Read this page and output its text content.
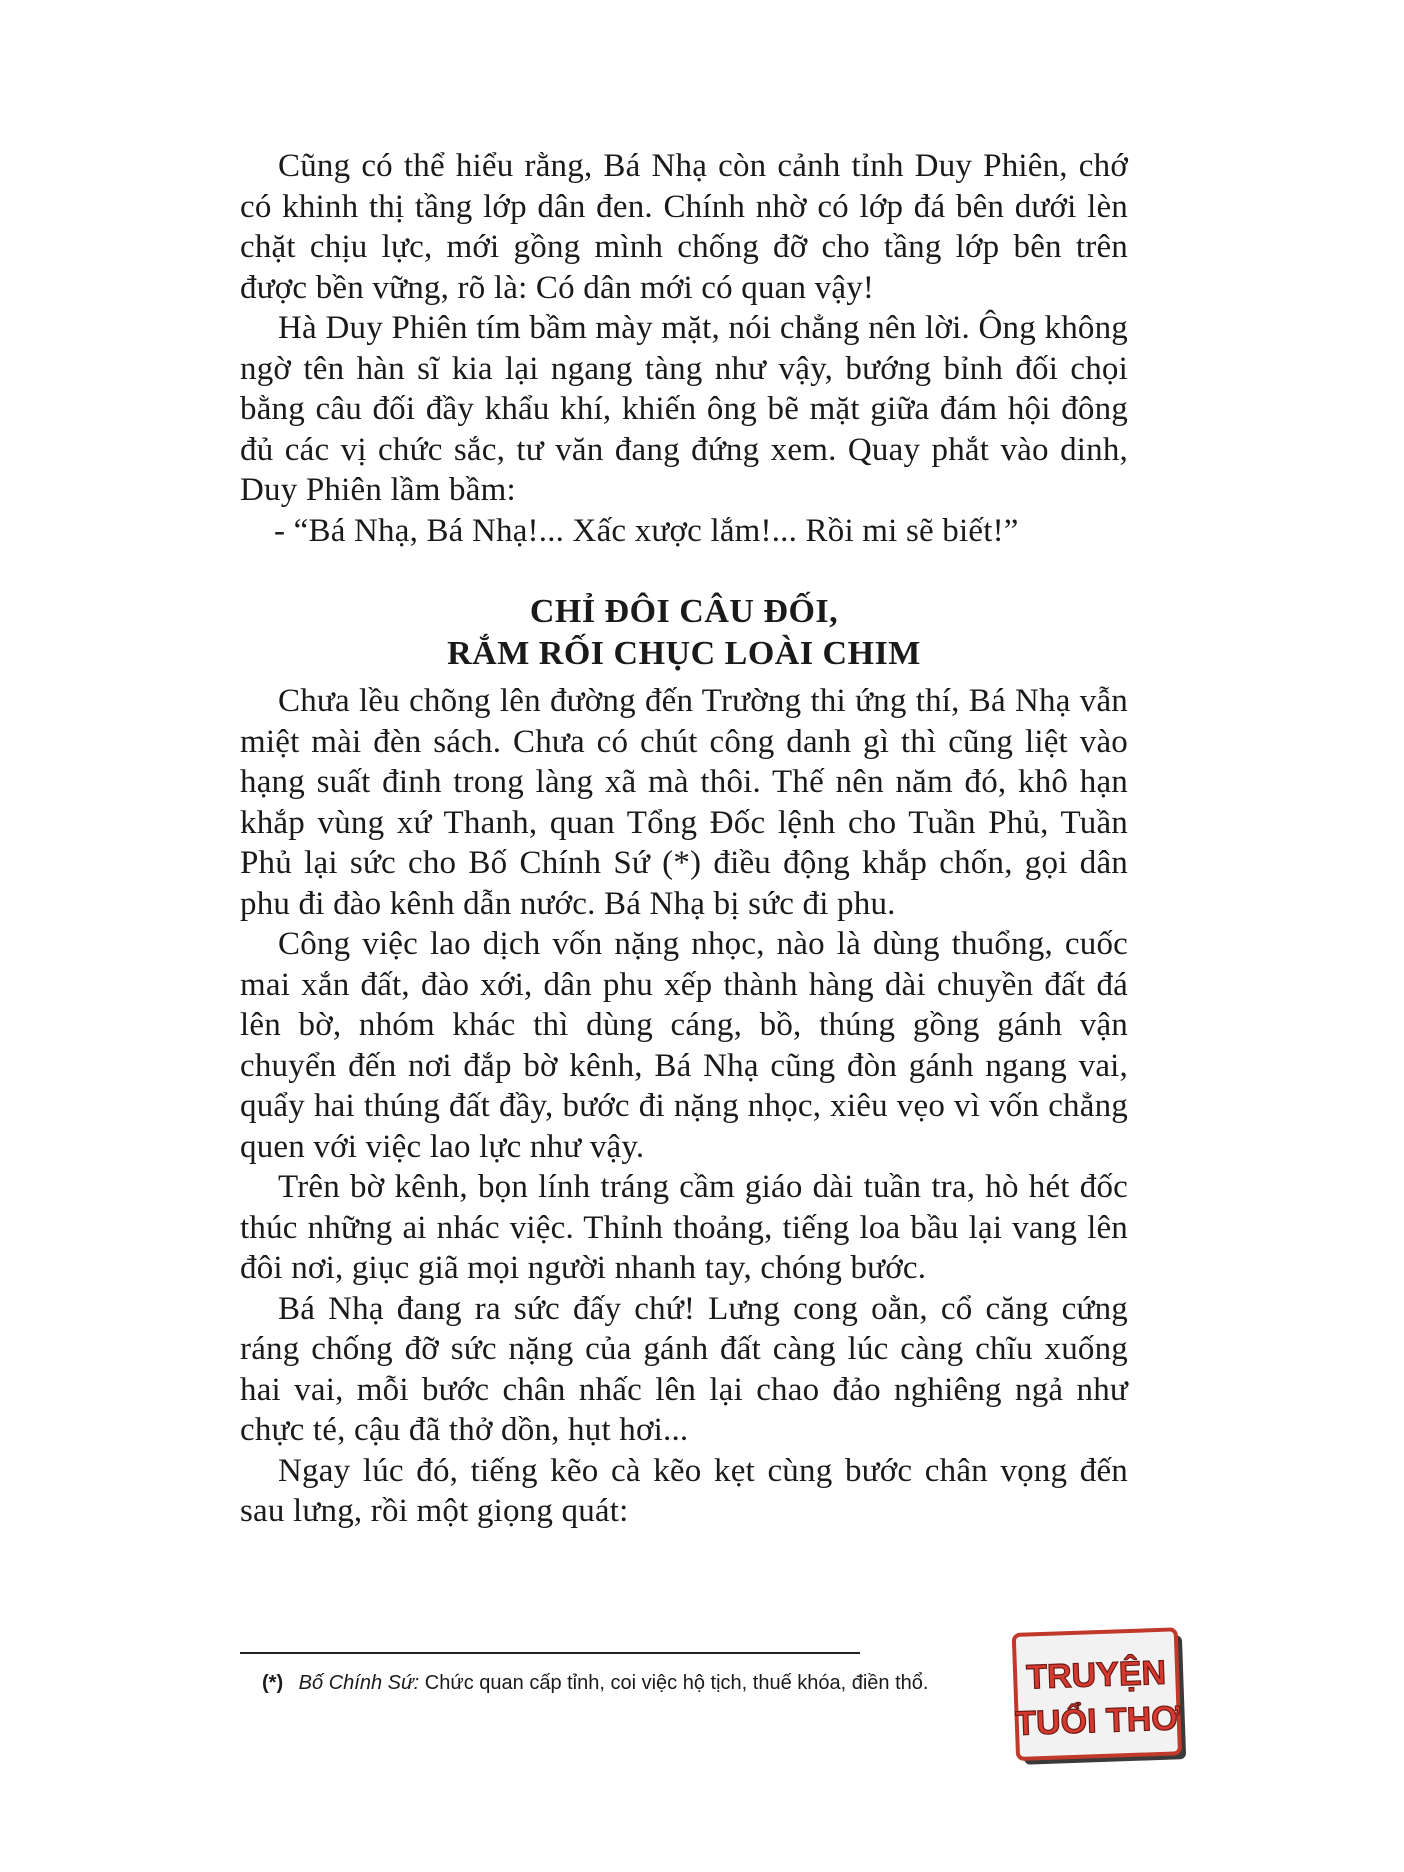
Cũng có thể hiểu rằng, Bá Nhạ còn cảnh tỉnh Duy Phiên, chớ có khinh thị tầng lớp dân đen. Chính nhờ có lớp đá bên dưới lèn chặt chịu lực, mới gồng mình chống đỡ cho tầng lớp bên trên được bền vững, rõ là: Có dân mới có quan vậy!

Hà Duy Phiên tím bầm mày mặt, nói chẳng nên lời. Ông không ngờ tên hàn sĩ kia lại ngang tàng như vậy, bướng bỉnh đối chọi bằng câu đối đầy khẩu khí, khiến ông bẽ mặt giữa đám hội đông đủ các vị chức sắc, tư văn đang đứng xem. Quay phắt vào dinh, Duy Phiên lầm bầm:

- “Bá Nhạ, Bá Nhạ!... Xấc xược lắm!... Rồi mi sẽ biết!”

CHỈ ĐÔI CÂU ĐỐI,
RẮM RỐI CHỤC LOÀI CHIM

Chưa lều chõng lên đường đến Trường thi ứng thí, Bá Nhạ vẫn miệt mài đèn sách. Chưa có chút công danh gì thì cũng liệt vào hạng suất đinh trong làng xã mà thôi. Thế nên năm đó, khô hạn khắp vùng xứ Thanh, quan Tổng Đốc lệnh cho Tuần Phủ, Tuần Phủ lại sức cho Bố Chính Sứ (*) điều động khắp chốn, gọi dân phu đi đào kênh dẫn nước. Bá Nhạ bị sức đi phu.

Công việc lao dịch vốn nặng nhọc, nào là dùng thuổng, cuốc mai xắn đất, đào xới, dân phu xếp thành hàng dài chuyền đất đá lên bờ, nhóm khác thì dùng cáng, bồ, thúng gồng gánh vận chuyển đến nơi đắp bờ kênh, Bá Nhạ cũng đòn gánh ngang vai, quẩy hai thúng đất đầy, bước đi nặng nhọc, xiêu vẹo vì vốn chẳng quen với việc lao lực như vậy.

Trên bờ kênh, bọn lính tráng cầm giáo dài tuần tra, hò hét đốc thúc những ai nhác việc. Thỉnh thoảng, tiếng loa bầu lại vang lên đôi nơi, giục giã mọi người nhanh tay, chóng bước.

Bá Nhạ đang ra sức đấy chứ! Lưng cong oằn, cổ căng cứng ráng chống đỡ sức nặng của gánh đất càng lúc càng chĩu xuống hai vai, mỗi bước chân nhấc lên lại chao đảo nghiêng ngả như chực té, cậu đã thở dồn, hụt hơi...

Ngay lúc đó, tiếng kẽo cà kẽo kẹt cùng bước chân vọng đến sau lưng, rồi một giọng quát:

(*) Bố Chính Sứ: Chức quan cấp tỉnh, coi việc hộ tịch, thuế khóa, điền thổ.	TRUYỆN
TUỔI THƠ
